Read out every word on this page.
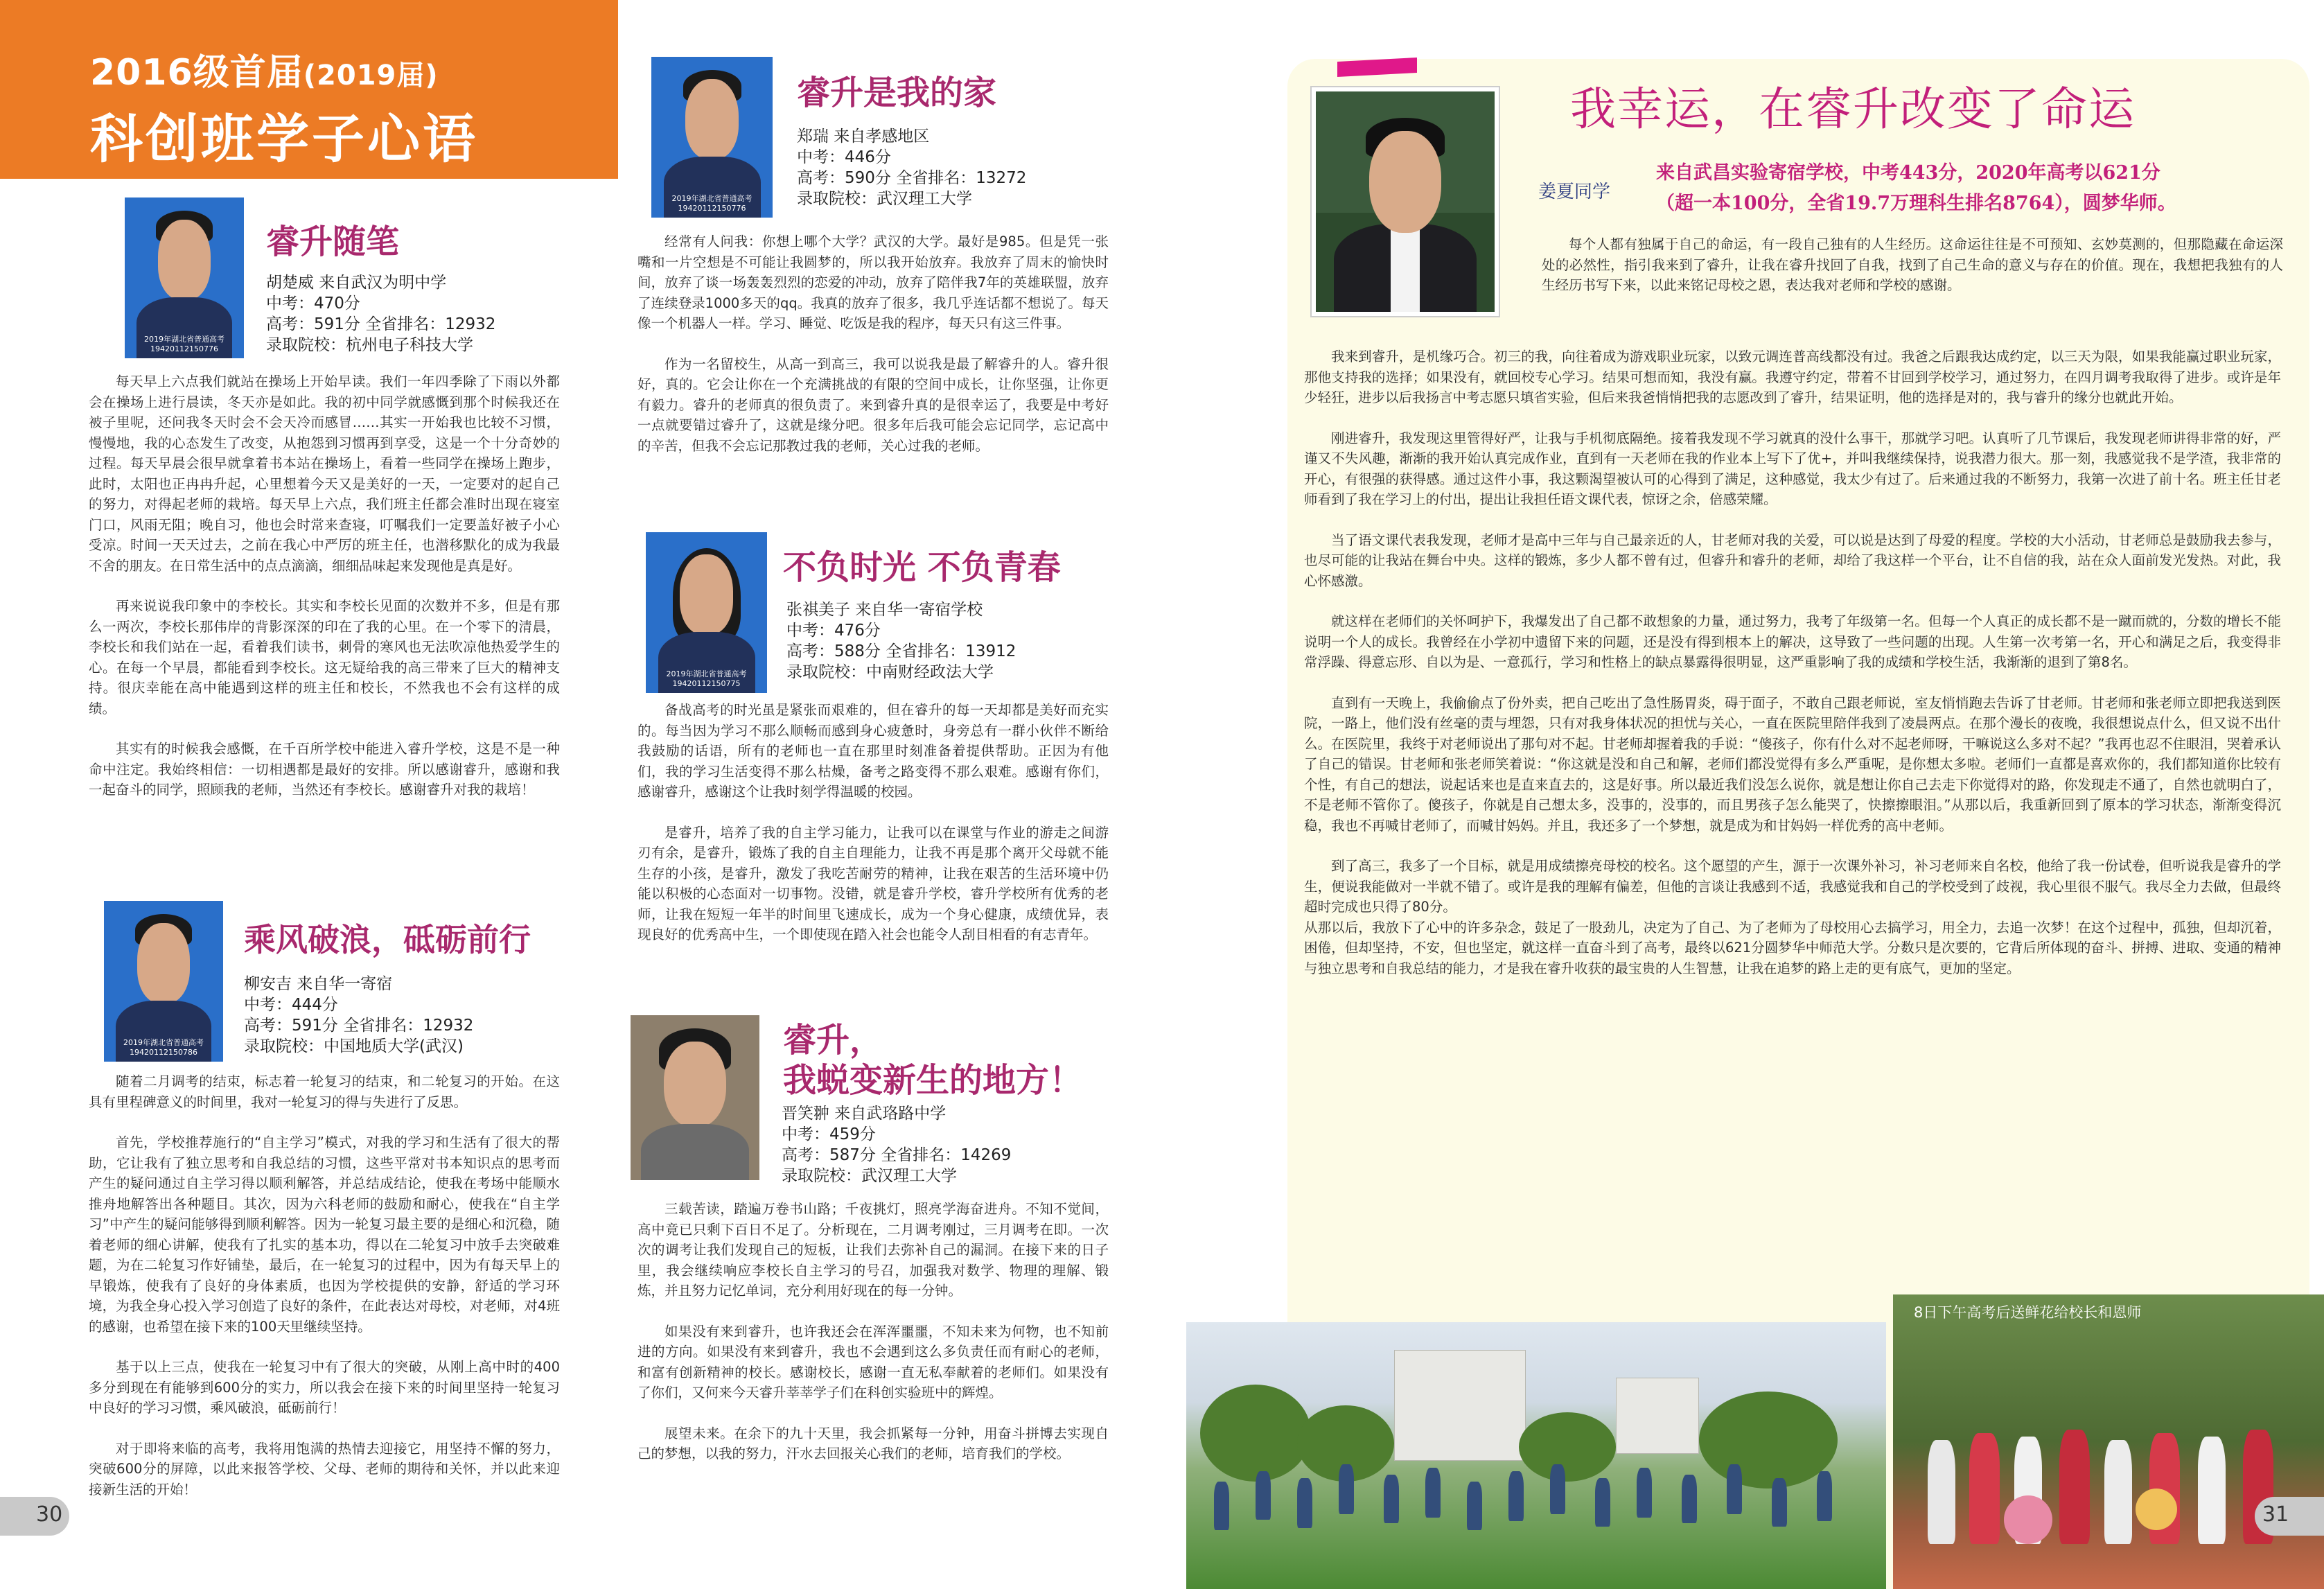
2016级首届(2019届)
科创班学子心语
2019年湖北省普通高考
19420112150776
睿升随笔
胡楚威 来自武汉为明中学
中考：470分
高考：591分 全省排名：12932
录取院校：杭州电子科技大学

每天早上六点我们就站在操场上开始早读。我们一年四季除了下雨以外都会在操场上进行晨读，冬天亦是如此。我的初中同学就感慨到那个时候我还在被子里呢，还问我冬天时会不会天冷而感冒……其实一开始我也比较不习惯，慢慢地，我的心态发生了改变，从抱怨到习惯再到享受，这是一个十分奇妙的过程。每天早晨会很早就拿着书本站在操场上，看着一些同学在操场上跑步，此时，太阳也正冉冉升起，心里想着今天又是美好的一天，一定要对的起自己的努力，对得起老师的栽培。每天早上六点，我们班主任都会准时出现在寝室门口，风雨无阻；晚自习，他也会时常来查寝，叮嘱我们一定要盖好被子小心受凉。时间一天天过去，之前在我心中严厉的班主任，也潜移默化的成为我最不舍的朋友。在日常生活中的点点滴滴，细细品味起来发现他是真是好。

再来说说我印象中的李校长。其实和李校长见面的次数并不多，但是有那么一两次，李校长那伟岸的背影深深的印在了我的心里。在一个零下的清晨，李校长和我们站在一起，看着我们读书，刺骨的寒风也无法吹凉他热爱学生的心。在每一个早晨，都能看到李校长。这无疑给我的高三带来了巨大的精神支持。很庆幸能在高中能遇到这样的班主任和校长，不然我也不会有这样的成绩。

其实有的时候我会感慨，在千百所学校中能进入睿升学校，这是不是一种命中注定。我始终相信：一切相遇都是最好的安排。所以感谢睿升，感谢和我一起奋斗的同学，照顾我的老师，当然还有李校长。感谢睿升对我的栽培！

2019年湖北省普通高考
19420112150786
乘风破浪，砥砺前行
柳安吉 来自华一寄宿
中考：444分
高考：591分 全省排名：12932
录取院校：中国地质大学(武汉)

随着二月调考的结束，标志着一轮复习的结束，和二轮复习的开始。在这具有里程碑意义的时间里，我对一轮复习的得与失进行了反思。

首先，学校推荐施行的“自主学习”模式，对我的学习和生活有了很大的帮助，它让我有了独立思考和自我总结的习惯，这些平常对书本知识点的思考而产生的疑问通过自主学习得以顺利解答，并总结成结论，使我在考场中能顺水推舟地解答出各种题目。其次，因为六科老师的鼓励和耐心，使我在“自主学习”中产生的疑问能够得到顺利解答。因为一轮复习最主要的是细心和沉稳，随着老师的细心讲解，使我有了扎实的基本功，得以在二轮复习中放手去突破难题，为在二轮复习作好铺垫，最后，在一轮复习的过程中，因为有每天早上的早锻炼，使我有了良好的身体素质，也因为学校提供的安静，舒适的学习环境，为我全身心投入学习创造了良好的条件，在此表达对母校，对老师，对4班的感谢，也希望在接下来的100天里继续坚持。

基于以上三点，使我在一轮复习中有了很大的突破，从刚上高中时的400多分到现在有能够到600分的实力，所以我会在接下来的时间里坚持一轮复习中良好的学习习惯，乘风破浪，砥砺前行！

对于即将来临的高考，我将用饱满的热情去迎接它，用坚持不懈的努力，突破600分的屏障，以此来报答学校、父母、老师的期待和关怀，并以此来迎接新生活的开始！

2019年湖北省普通高考
19420112150776
睿升是我的家
郑瑞 来自孝感地区
中考：446分
高考：590分 全省排名：13272
录取院校：武汉理工大学

经常有人问我：你想上哪个大学？武汉的大学。最好是985。但是凭一张嘴和一片空想是不可能让我圆梦的，所以我开始放弃。我放弃了周末的愉快时间，放弃了谈一场轰轰烈烈的恋爱的冲动，放弃了陪伴我7年的英雄联盟，放弃了连续登录1000多天的qq。我真的放弃了很多，我几乎连话都不想说了。每天像一个机器人一样。学习、睡觉、吃饭是我的程序，每天只有这三件事。

作为一名留校生，从高一到高三，我可以说我是最了解睿升的人。睿升很好，真的。它会让你在一个充满挑战的有限的空间中成长，让你坚强，让你更有毅力。睿升的老师真的很负责了。来到睿升真的是很幸运了，我要是中考好一点就要错过睿升了，这就是缘分吧。很多年后我可能会忘记同学，忘记高中的辛苦，但我不会忘记那教过我的老师，关心过我的老师。

2019年湖北省普通高考
19420112150775
不负时光 不负青春
张祺美子 来自华一寄宿学校
中考：476分
高考：588分 全省排名：13912
录取院校：中南财经政法大学

备战高考的时光虽是紧张而艰难的，但在睿升的每一天却都是美好而充实的。每当因为学习不那么顺畅而感到身心疲惫时，身旁总有一群小伙伴不断给我鼓励的话语，所有的老师也一直在那里时刻准备着提供帮助。正因为有他们，我的学习生活变得不那么枯燥，备考之路变得不那么艰难。感谢有你们，感谢睿升，感谢这个让我时刻学得温暖的校园。

是睿升，培养了我的自主学习能力，让我可以在课堂与作业的游走之间游刃有余，是睿升，锻炼了我的自主自理能力，让我不再是那个离开父母就不能生存的小孩，是睿升，激发了我吃苦耐劳的精神，让我在艰苦的生活环境中仍能以积极的心态面对一切事物。没错，就是睿升学校，睿升学校所有优秀的老师，让我在短短一年半的时间里飞速成长，成为一个身心健康，成绩优异，表现良好的优秀高中生，一个即使现在踏入社会也能令人刮目相看的有志青年。

睿升，
我蜕变新生的地方！
晋笑翀 来自武珞路中学
中考：459分
高考：587分 全省排名：14269
录取院校：武汉理工大学

三载苦读，踏遍万卷书山路；千夜挑灯，照亮学海奋进舟。不知不觉间，高中竟已只剩下百日不足了。分析现在，二月调考刚过，三月调考在即。一次次的调考让我们发现自己的短板，让我们去弥补自己的漏洞。在接下来的日子里，我会继续响应李校长自主学习的号召，加强我对数学、物理的理解、锻炼，并且努力记忆单词，充分利用好现在的每一分钟。

如果没有来到睿升，也许我还会在浑浑噩噩，不知未来为何物，也不知前进的方向。如果没有来到睿升，我也不会遇到这么多负责任而有耐心的老师，和富有创新精神的校长。感谢校长，感谢一直无私奉献着的老师们。如果没有了你们，又何来今天睿升莘莘学子们在科创实验班中的辉煌。

展望未来。在余下的九十天里，我会抓紧每一分钟，用奋斗拼博去实现自己的梦想，以我的努力，汗水去回报关心我们的老师，培育我们的学校。

30
我幸运，在睿升改变了命运
姜夏同学
来自武昌实验寄宿学校，中考443分，2020年高考以621分
（超一本100分，全省19.7万理科生排名8764），圆梦华师。

每个人都有独属于自己的命运，有一段自己独有的人生经历。这命运往往是不可预知、玄妙莫测的，但那隐藏在命运深处的必然性，指引我来到了睿升，让我在睿升找回了自我，找到了自己生命的意义与存在的价值。现在，我想把我独有的人生经历书写下来，以此来铭记母校之恩，表达我对老师和学校的感谢。

我来到睿升，是机缘巧合。初三的我，向往着成为游戏职业玩家，以致元调连普高线都没有过。我爸之后跟我达成约定，以三天为限，如果我能赢过职业玩家，那他支持我的选择；如果没有，就回校专心学习。结果可想而知，我没有赢。我遵守约定，带着不甘回到学校学习，通过努力，在四月调考我取得了进步。或许是年少轻狂，进步以后我扬言中考志愿只填省实验，但后来我爸悄悄把我的志愿改到了睿升，结果证明，他的选择是对的，我与睿升的缘分也就此开始。

刚进睿升，我发现这里管得好严，让我与手机彻底隔绝。接着我发现不学习就真的没什么事干，那就学习吧。认真听了几节课后，我发现老师讲得非常的好，严谨又不失风趣，渐渐的我开始认真完成作业，直到有一天老师在我的作业本上写下了优+，并叫我继续保持，说我潜力很大。那一刻，我感觉我不是学渣，我非常的开心，有很强的获得感。通过这件小事，我这颗渴望被认可的心得到了满足，这种感觉，我太少有过了。后来通过我的不断努力，我第一次进了前十名。班主任甘老师看到了我在学习上的付出，提出让我担任语文课代表，惊讶之余，倍感荣耀。

当了语文课代表我发现，老师才是高中三年与自己最亲近的人，甘老师对我的关爱，可以说是达到了母爱的程度。学校的大小活动，甘老师总是鼓励我去参与，也尽可能的让我站在舞台中央。这样的锻炼，多少人都不曾有过，但睿升和睿升的老师，却给了我这样一个平台，让不自信的我，站在众人面前发光发热。对此，我心怀感激。

就这样在老师们的关怀呵护下，我爆发出了自己都不敢想象的力量，通过努力，我考了年级第一名。但每一个人真正的成长都不是一蹴而就的，分数的增长不能说明一个人的成长。我曾经在小学初中遗留下来的问题，还是没有得到根本上的解决，这导致了一些问题的出现。人生第一次考第一名，开心和满足之后，我变得非常浮躁、得意忘形、自以为是、一意孤行，学习和性格上的缺点暴露得很明显，这严重影响了我的成绩和学校生活，我渐渐的退到了第8名。

直到有一天晚上，我偷偷点了份外卖，把自己吃出了急性肠胃炎，碍于面子，不敢自己跟老师说，室友悄悄跑去告诉了甘老师。甘老师和张老师立即把我送到医院，一路上，他们没有丝毫的责与埋怨，只有对我身体状况的担忧与关心，一直在医院里陪伴我到了凌晨两点。在那个漫长的夜晚，我很想说点什么，但又说不出什么。在医院里，我终于对老师说出了那句对不起。甘老师却握着我的手说：“傻孩子，你有什么对不起老师呀，干嘛说这么多对不起？”我再也忍不住眼泪，哭着承认了自己的错误。甘老师和张老师笑着说：“你这就是没和自己和解，老师们都没觉得有多么严重呢，是你想太多啦。老师们一直都是喜欢你的，我们都知道你比较有个性，有自己的想法，说起话来也是直来直去的，这是好事。所以最近我们没怎么说你，就是想让你自己去走下你觉得对的路，你发现走不通了，自然也就明白了，不是老师不管你了。傻孩子，你就是自己想太多，没事的，没事的，而且男孩子怎么能哭了，快擦擦眼泪。”从那以后，我重新回到了原本的学习状态，渐渐变得沉稳，我也不再喊甘老师了，而喊甘妈妈。并且，我还多了一个梦想，就是成为和甘妈妈一样优秀的高中老师。

到了高三，我多了一个目标，就是用成绩擦亮母校的校名。这个愿望的产生，源于一次课外补习，补习老师来自名校，他给了我一份试卷，但听说我是睿升的学生，便说我能做对一半就不错了。或许是我的理解有偏差，但他的言谈让我感到不适，我感觉我和自己的学校受到了歧视，我心里很不服气。我尽全力去做，但最终超时完成也只得了80分。

从那以后，我放下了心中的许多杂念，鼓足了一股劲儿，决定为了自己、为了老师为了母校用心去搞学习，用全力，去追一次梦！在这个过程中，孤独，但却沉着，困倦，但却坚持，不安，但也坚定，就这样一直奋斗到了高考，最终以621分圆梦华中师范大学。分数只是次要的，它背后所体现的奋斗、拼搏、进取、变通的精神与独立思考和自我总结的能力，才是我在睿升收获的最宝贵的人生智慧，让我在追梦的路上走的更有底气，更加的坚定。

8日下午高考后送鲜花给校长和恩师
31
